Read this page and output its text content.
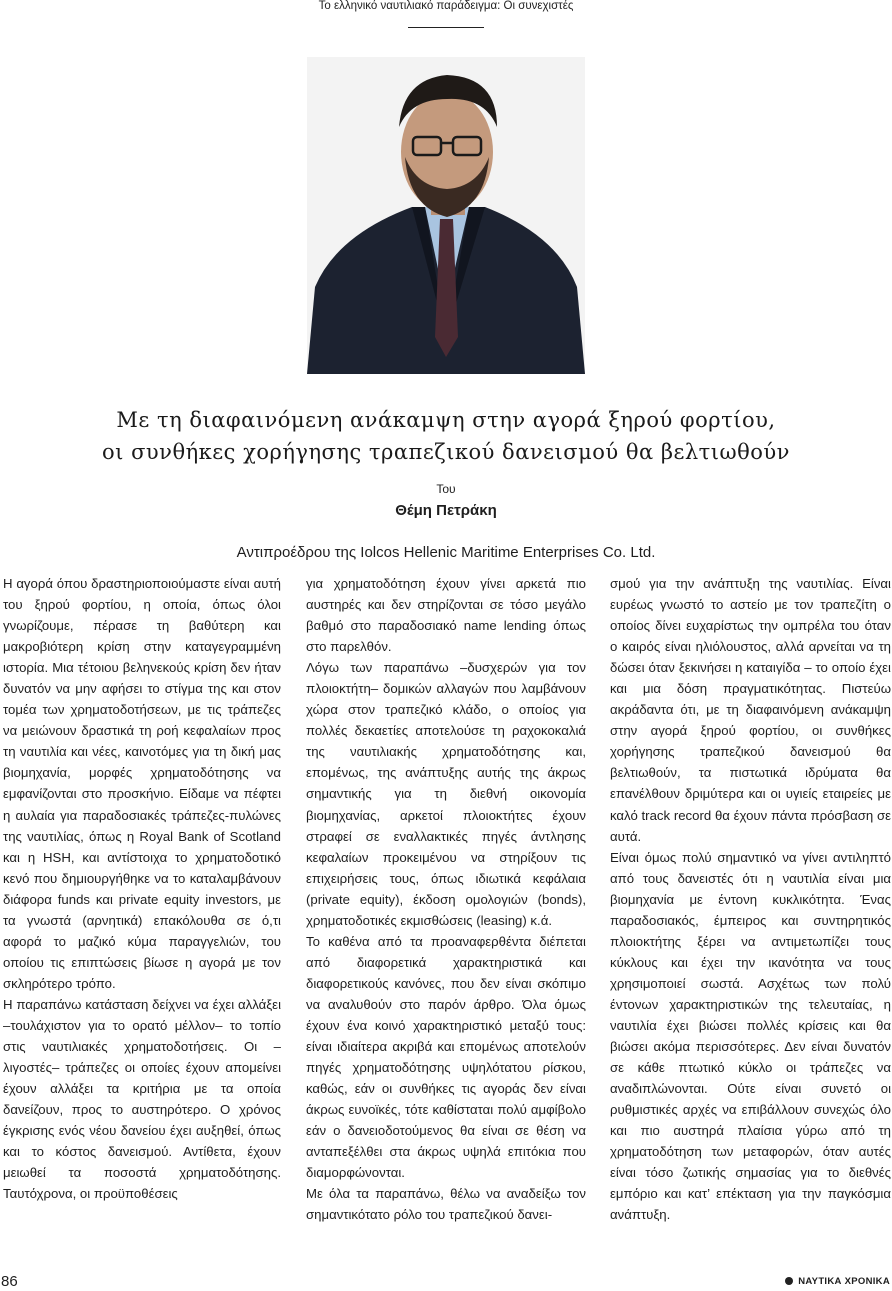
Το ελληνικό ναυτιλιακό παράδειγμα: Οι συνεχιστές
Με τη διαφαινόμενη ανάκαμψη στην αγορά ξηρού φορτίου,
οι συνθήκες χορήγησης τραπεζικού δανεισμού θα βελτιωθούν
Του
Θέμη Πετράκη
Αντιπροέδρου της Iolcos Hellenic Maritime Enterprises Co. Ltd.

Η αγορά όπου δραστηριοποιούμαστε είναι αυτή του ξηρού φορτίου, η οποία, όπως όλοι γνωρίζουμε, πέρασε τη βαθύτερη και μακροβιότερη κρίση στην καταγεγραμμένη ιστορία. Μια τέτοιου βεληνεκούς κρίση δεν ήταν δυνατόν να μην αφήσει το στίγμα της και στον τομέα των χρηματοδοτήσεων, με τις τράπεζες να μειώνουν δραστικά τη ροή κεφαλαίων προς τη ναυτιλία και νέες, καινοτόμες για τη δική μας βιομηχανία, μορφές χρηματοδότησης να εμφανίζονται στο προσκήνιο. Είδαμε να πέφτει η αυλαία για παραδοσιακές τράπεζες-πυλώνες της ναυτιλίας, όπως η Royal Bank of Scotland και η HSH, και αντίστοιχα το χρηματοδοτικό κενό που δημιουργήθηκε να το καταλαμβάνουν διάφορα funds και private equity investors, με τα γνωστά (αρνητικά) επακόλουθα σε ό,τι αφορά το μαζικό κύμα παραγγελιών, του οποίου τις επιπτώσεις βίωσε η αγορά με τον σκληρότερο τρόπο.

Η παραπάνω κατάσταση δείχνει να έχει αλλάξει –τουλάχιστον για το ορατό μέλλον– το τοπίο στις ναυτιλιακές χρηματοδοτήσεις. Οι –λιγοστές– τράπεζες οι οποίες έχουν απομείνει έχουν αλλάξει τα κριτήρια με τα οποία δανείζουν, προς το αυστηρότερο. Ο χρόνος έγκρισης ενός νέου δανείου έχει αυξηθεί, όπως και το κόστος δανεισμού. Αντίθετα, έχουν μειωθεί τα ποσοστά χρηματοδότησης. Ταυτόχρονα, οι προϋποθέσεις

για χρηματοδότηση έχουν γίνει αρκετά πιο αυστηρές και δεν στηρίζονται σε τόσο μεγάλο βαθμό στο παραδοσιακό name lending όπως στο παρελθόν.

Λόγω των παραπάνω –δυσχερών για τον πλοιοκτήτη– δομικών αλλαγών που λαμβάνουν χώρα στον τραπεζικό κλάδο, ο οποίος για πολλές δεκαετίες αποτελούσε τη ραχοκοκαλιά της ναυτιλιακής χρηματοδότησης και, επομένως, της ανάπτυξης αυτής της άκρως σημαντικής για τη διεθνή οικονομία βιομηχανίας, αρκετοί πλοιοκτήτες έχουν στραφεί σε εναλλακτικές πηγές άντλησης κεφαλαίων προκειμένου να στηρίξουν τις επιχειρήσεις τους, όπως ιδιωτικά κεφάλαια (private equity), έκδοση ομολογιών (bonds), χρηματοδοτικές εκμισθώσεις (leasing) κ.ά.

Το καθένα από τα προαναφερθέντα διέπεται από διαφορετικά χαρακτηριστικά και διαφορετικούς κανόνες, που δεν είναι σκόπιμο να αναλυθούν στο παρόν άρθρο. Όλα όμως έχουν ένα κοινό χαρακτηριστικό μεταξύ τους: είναι ιδιαίτερα ακριβά και επομένως αποτελούν πηγές χρηματοδότησης υψηλότατου ρίσκου, καθώς, εάν οι συνθήκες τις αγοράς δεν είναι άκρως ευνοϊκές, τότε καθίσταται πολύ αμφίβολο εάν ο δανειοδοτούμενος θα είναι σε θέση να ανταπεξέλθει στα άκρως υψηλά επιτόκια που διαμορφώνονται.

Με όλα τα παραπάνω, θέλω να αναδείξω τον σημαντικότατο ρόλο του τραπεζικού δανει-

σμού για την ανάπτυξη της ναυτιλίας. Είναι ευρέως γνωστό το αστείο με τον τραπεζίτη ο οποίος δίνει ευχαρίστως την ομπρέλα του όταν ο καιρός είναι ηλιόλουστος, αλλά αρνείται να τη δώσει όταν ξεκινήσει η καταιγίδα – το οποίο έχει και μια δόση πραγματικότητας. Πιστεύω ακράδαντα ότι, με τη διαφαινόμενη ανάκαμψη στην αγορά ξηρού φορτίου, οι συνθήκες χορήγησης τραπεζικού δανεισμού θα βελτιωθούν, τα πιστωτικά ιδρύματα θα επανέλθουν δριμύτερα και οι υγιείς εταιρείες με καλό track record θα έχουν πάντα πρόσβαση σε αυτά.

Είναι όμως πολύ σημαντικό να γίνει αντιληπτό από τους δανειστές ότι η ναυτιλία είναι μια βιομηχανία με έντονη κυκλικότητα. Ένας παραδοσιακός, έμπειρος και συντηρητικός πλοιοκτήτης ξέρει να αντιμετωπίζει τους κύκλους και έχει την ικανότητα να τους χρησιμοποιεί σωστά. Ασχέτως των πολύ έντονων χαρακτηριστικών της τελευταίας, η ναυτιλία έχει βιώσει πολλές κρίσεις και θα βιώσει ακόμα περισσότερες. Δεν είναι δυνατόν σε κάθε πτωτικό κύκλο οι τράπεζες να αναδιπλώνονται. Ούτε είναι συνετό οι ρυθμιστικές αρχές να επιβάλλουν συνεχώς όλο και πιο αυστηρά πλαίσια γύρω από τη χρηματοδότηση των μεταφορών, όταν αυτές είναι τόσο ζωτικής σημασίας για το διεθνές εμπόριο και κατ’ επέκταση για την παγκόσμια ανάπτυξη.

86	ΝΑΥΤΙΚΑ ΧΡΟΝΙΚΑ
